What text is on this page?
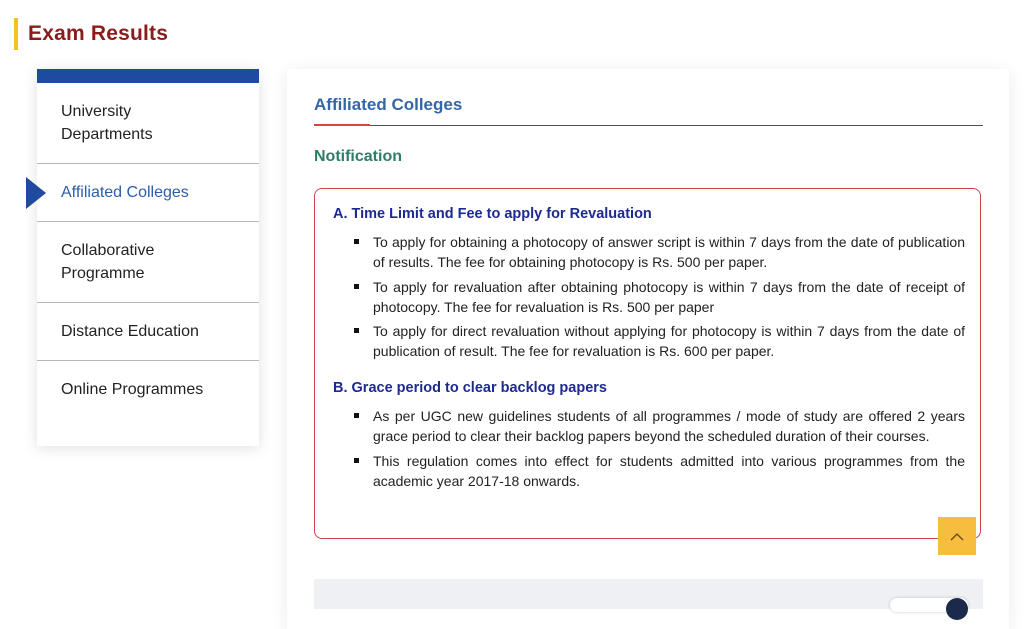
Exam Results
University
Departments
Affiliated Colleges
Collaborative
Programme
Distance Education
Online Programmes
Affiliated Colleges
Notification
A. Time Limit and Fee to apply for Revaluation
To apply for obtaining a photocopy of answer script is within 7 days from the date of publication of results. The fee for obtaining photocopy is Rs. 500 per paper.
To apply for revaluation after obtaining photocopy is within 7 days from the date of receipt of photocopy. The fee for revaluation is Rs. 500 per paper
To apply for direct revaluation without applying for photocopy is within 7 days from the date of publication of result. The fee for revaluation is Rs. 600 per paper.
B. Grace period to clear backlog papers
As per UGC new guidelines students of all programmes / mode of study are offered 2 years grace period to clear their backlog papers beyond the scheduled duration of their courses.
This regulation comes into effect for students admitted into various programmes from the academic year 2017-18 onwards.
